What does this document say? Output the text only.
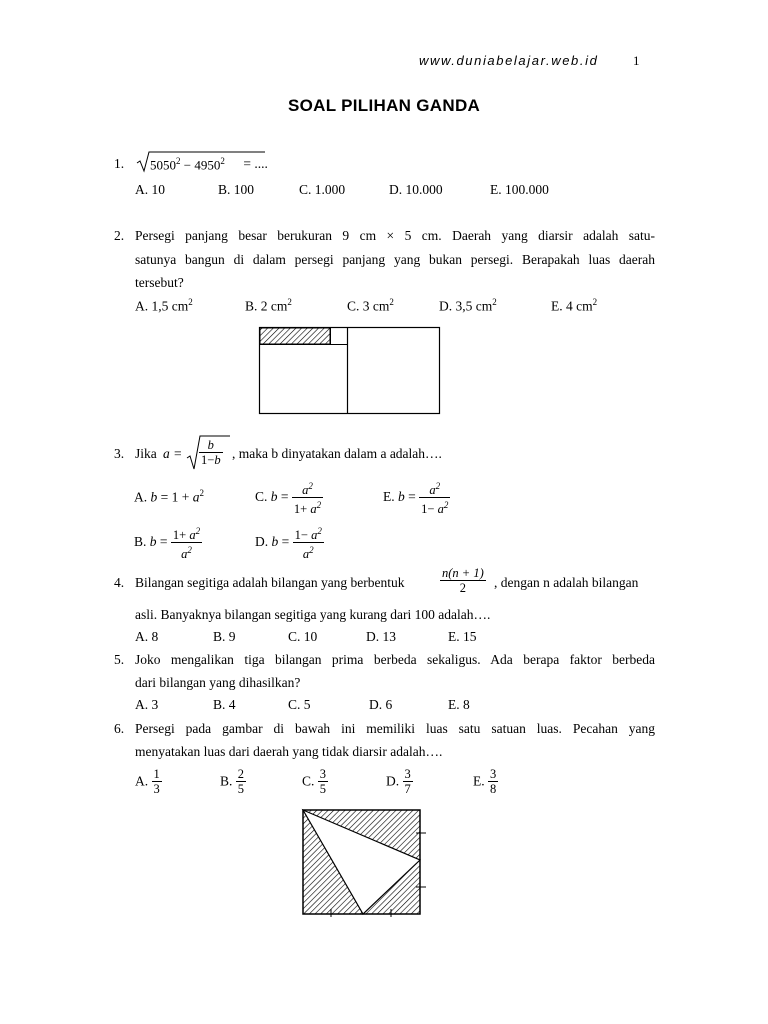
www.duniabelajar.web.id	1
SOAL PILIHAN GANDA
1. $5050^2 - 4950^2$ = ....
A. 10	B. 100	C. 1.000	D. 10.000	E. 100.000
2. Persegi panjang besar berukuran 9 cm × 5 cm. Daerah yang diarsir adalah satu-
satunya bangun di dalam persegi panjang yang bukan persegi. Berapakah luas daerah
tersebut?
A. 1,5 $cm^2$	B. 2 $cm^2$	C. 3 $cm^2$	D. 3,5 $cm^2$	E. 4 $cm^2$
3. Jika $a = \frac{b}{1-b}$ , maka b dinyatakan dalam a adalah….
A. $b = 1 + a^2$	C. $b = \frac{a^2}{1+ a^2}$	E. $b = \frac{a^2}{1- a^2}$
B. $b = \frac{1+ a^2}{a^2}$	D. $b = \frac{1- a^2}{a^2}$
4. Bilangan segitiga adalah bilangan yang berbentuk	$\frac{n(n + 1)}{2}$ , dengan n adalah bilangan
asli. Banyaknya bilangan segitiga yang kurang dari 100 adalah….
A. 8	B. 9	C. 10	D. 13	E. 15
5. Joko mengalikan tiga bilangan prima berbeda sekaligus. Ada berapa faktor berbeda
dari bilangan yang dihasilkan?
A. 3	B. 4	C. 5	D. 6	E. 8
6. Persegi pada gambar di bawah ini memiliki luas satu satuan luas. Pecahan yang
menyatakan luas dari daerah yang tidak diarsir adalah….
A. $\frac{1}{3}$	B. $\frac{2}{5}$	C. $\frac{3}{5}$	D. $\frac{3}{7}$	E. $\frac{3}{8}$
